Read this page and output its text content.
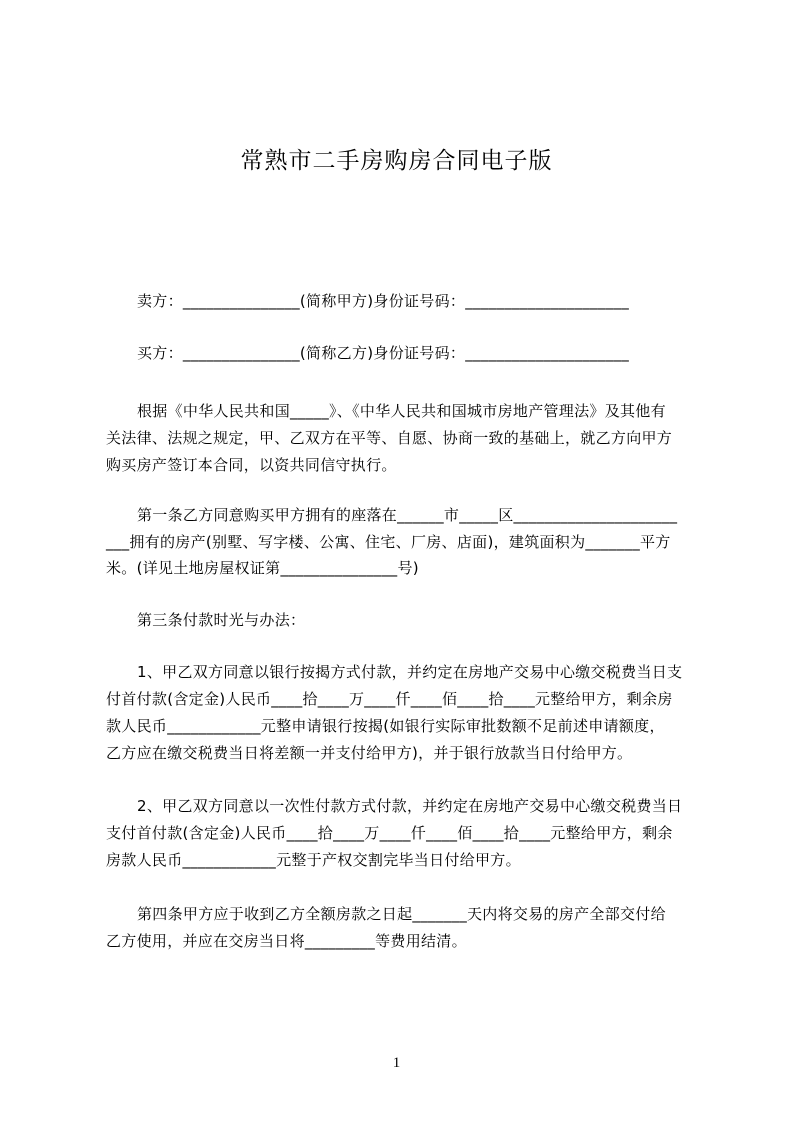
常熟市二手房购房合同电子版
卖方：_______________(简称甲方)身份证号码：_____________________
买方：_______________(简称乙方)身份证号码：_____________________
根据《中华人民共和国_____》、《中华人民共和国城市房地产管理法》及其他有
关法律、法规之规定，甲、乙双方在平等、自愿、协商一致的基础上，就乙方向甲方
购买房产签订本合同，以资共同信守执行。
第一条乙方同意购买甲方拥有的座落在______市_____区_____________________
___拥有的房产(别墅、写字楼、公寓、住宅、厂房、店面)，建筑面积为_______平方
米。(详见土地房屋权证第_______________号)
第三条付款时光与办法：
1、甲乙双方同意以银行按揭方式付款，并约定在房地产交易中心缴交税费当日支
付首付款(含定金)人民币____拾____万____仟____佰____拾____元整给甲方，剩余房
款人民币____________元整申请银行按揭(如银行实际审批数额不足前述申请额度，
乙方应在缴交税费当日将差额一并支付给甲方)，并于银行放款当日付给甲方。
2、甲乙双方同意以一次性付款方式付款，并约定在房地产交易中心缴交税费当日
支付首付款(含定金)人民币____拾____万____仟____佰____拾____元整给甲方，剩余
房款人民币____________元整于产权交割完毕当日付给甲方。
第四条甲方应于收到乙方全额房款之日起_______天内将交易的房产全部交付给
乙方使用，并应在交房当日将_________等费用结清。
1
